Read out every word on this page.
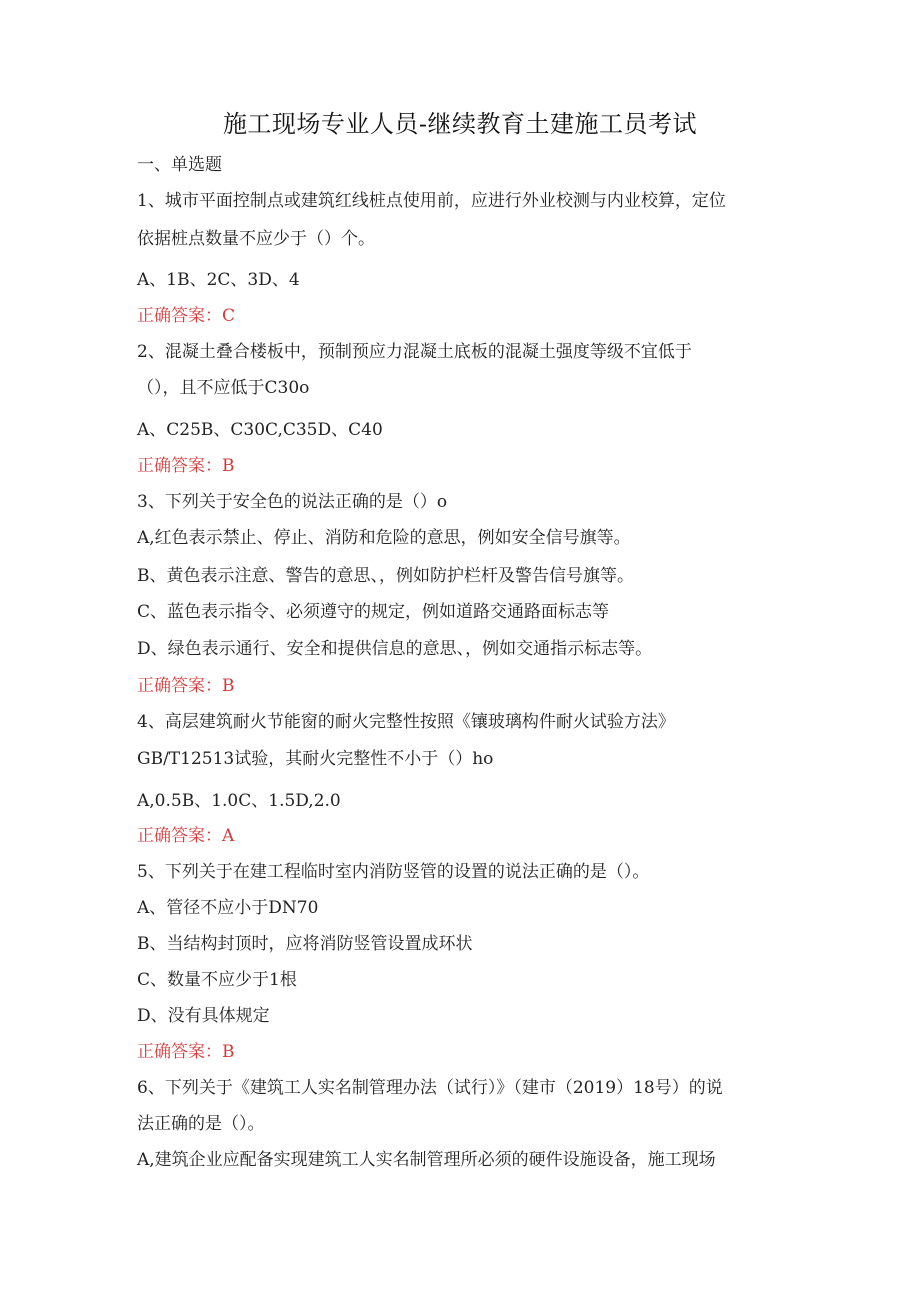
施工现场专业人员-继续教育土建施工员考试
一、单选题
1、城市平面控制点或建筑红线桩点使用前，应进行外业校测与内业校算，定位
依据桩点数量不应少于（）个。
A、1B、2C、3D、4
正确答案：C
2、混凝土叠合楼板中，预制预应力混凝土底板的混凝土强度等级不宜低于
（），且不应低于C30o
A、C25B、C30C,C35D、C40
正确答案：B
3、下列关于安全色的说法正确的是（）o
A,红色表示禁止、停止、消防和危险的意思，例如安全信号旗等。
B、黄色表示注意、警告的意思、，例如防护栏杆及警告信号旗等。
C、蓝色表示指令、必须遵守的规定，例如道路交通路面标志等
D、绿色表示通行、安全和提供信息的意思、，例如交通指示标志等。
正确答案：B
4、高层建筑耐火节能窗的耐火完整性按照《镶玻璃构件耐火试验方法》
GB/T12513试验，其耐火完整性不小于（）ho
A,0.5B、1.0C、1.5D,2.0
正确答案：A
5、下列关于在建工程临时室内消防竖管的设置的说法正确的是（）。
A、管径不应小于DN70
B、当结构封顶时，应将消防竖管设置成环状
C、数量不应少于1根
D、没有具体规定
正确答案：B
6、下列关于《建筑工人实名制管理办法（试行）》（建市（2019）18号）的说
法正确的是（）。
A,建筑企业应配备实现建筑工人实名制管理所必须的硬件设施设备，施工现场
